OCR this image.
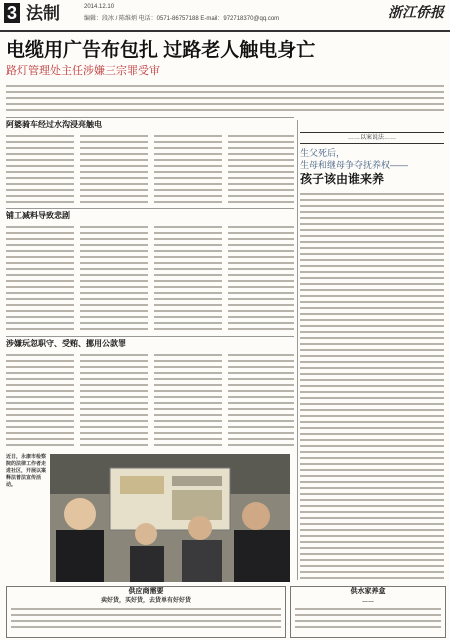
3 法制	2014.12.10
编辑：段冰 / 陈维炳 电话：0571-86757188 E-mail：972718370@qq.com	浙江侨报
电缆用广告布包扎 过路老人触电身亡
路灯管理处主任涉嫌三宗罪受审
阿婆骑车经过水沟浸亮触电
铺工减料导致悲剧
涉嫌玩忽职守、受贿、挪用公款罪
……以案说法……
生父死后，
生母和继母争夺抚养权——
孩子该由谁来养
近日，永康市检察院的法律工作者走进社区，开展以案释法普法宣传活动。
供应商需要
卖好货，买好货，去货单有好好货
供水家养盒
……
